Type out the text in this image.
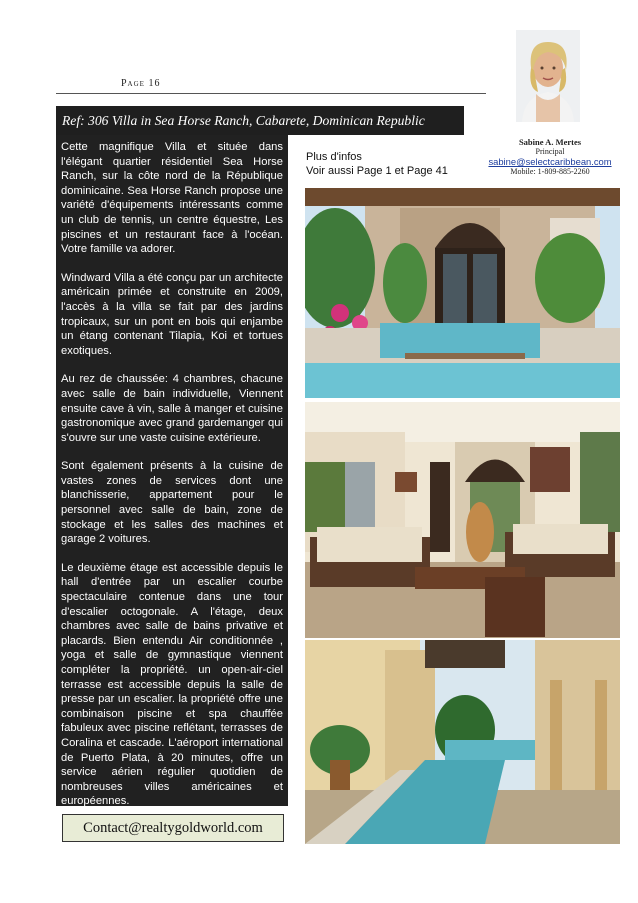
Page 16
Ref: 306 Villa in Sea Horse Ranch, Cabarete, Dominican Republic

Cette magnifique Villa et située dans l'élégant quartier résidentiel Sea Horse Ranch, sur la côte nord de la République dominicaine. Sea Horse Ranch propose une variété d'équipements intéressants comme un club de tennis, un centre équestre, Les piscines et un restaurant face à l'océan. Votre famille va adorer.

Windward Villa a été conçu par un architecte américain primée et construite en 2009, l'accès à la villa se fait par des jardins tropicaux, sur un pont en bois qui enjambe un étang contenant Tilapia, Koi et tortues exotiques.

Au rez de chaussée: 4 chambres, chacune avec salle de bain individuelle, Viennent ensuite cave à vin, salle à manger et cuisine gastronomique avec grand gardemanger qui s'ouvre sur une vaste cuisine extérieure.

Sont également présents à la cuisine de vastes zones de services dont une blanchisserie, appartement pour le personnel avec salle de bain, zone de stockage et les salles des machines et garage 2 voitures.

Le deuxième étage est accessible depuis le hall d'entrée par un escalier courbe spectaculaire contenue dans une tour d'escalier octogonale. A l'étage, deux chambres avec salle de bains privative et placards. Bien entendu Air conditionnée , yoga et salle de gymnastique viennent compléter la propriété. un open-air-ciel terrasse est accessible depuis la salle de presse par un escalier. la propriété offre une combinaison piscine et spa chauffée fabuleux avec piscine reflétant, terrasses de Coralina et cascade. L'aéroport international de Puerto Plata, à 20 minutes, offre un service aérien régulier quotidien de nombreuses villes américaines et européennes.

Contact@realtygoldworld.com
Plus d'infos
Voir aussi Page 1 et Page 41
Sabine A. Mertes
Principal
sabine@selectcaribbean.com
Mobile: 1-809-885-2260
